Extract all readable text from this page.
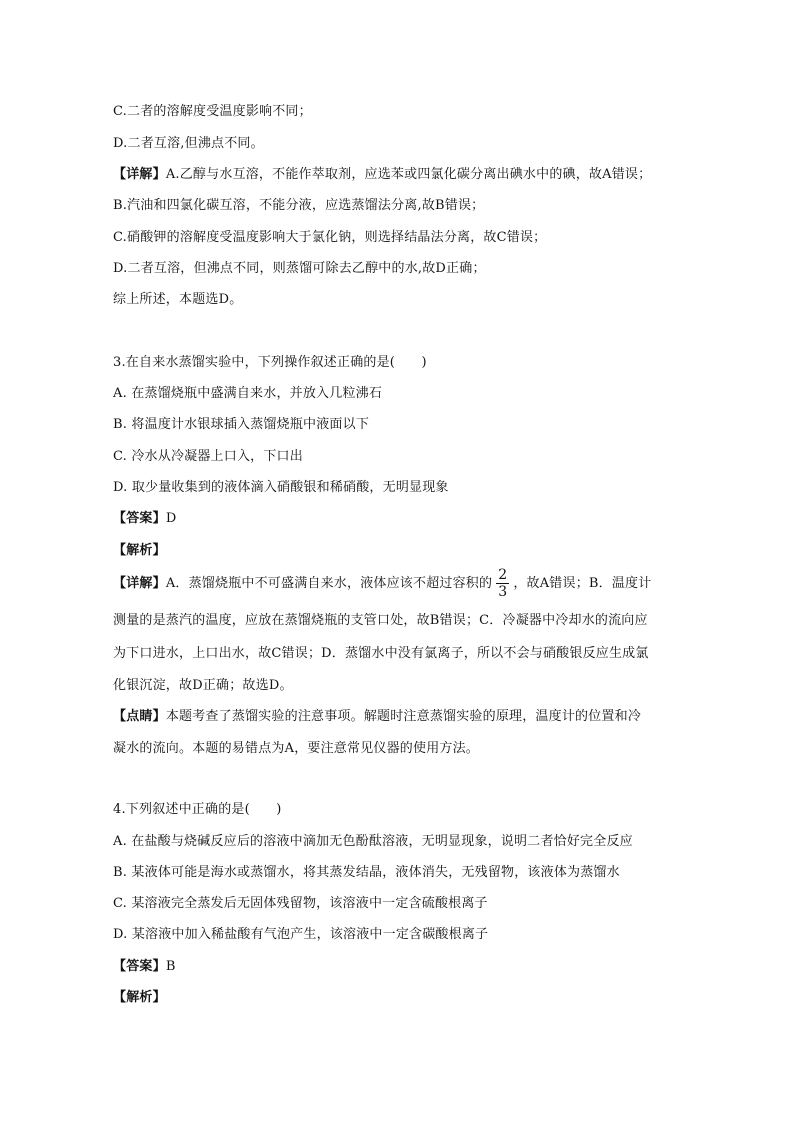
C.二者的溶解度受温度影响不同；
D.二者互溶,但沸点不同。
【详解】A.乙醇与水互溶，不能作萃取剂，应选苯或四氯化碳分离出碘水中的碘，故A错误；
B.汽油和四氯化碳互溶，不能分液，应选蒸馏法分离,故B错误；
C.硝酸钾的溶解度受温度影响大于氯化钠，则选择结晶法分离，故C错误；
D.二者互溶，但沸点不同，则蒸馏可除去乙醇中的水,故D正确；
综上所述，本题选D。
3.在自来水蒸馏实验中，下列操作叙述正确的是(　　)
A. 在蒸馏烧瓶中盛满自来水，并放入几粒沸石
B. 将温度计水银球插入蒸馏烧瓶中液面以下
C. 冷水从冷凝器上口入，下口出
D. 取少量收集到的液体滴入硝酸银和稀硝酸，无明显现象
【答案】D
【解析】
【详解】A．蒸馏烧瓶中不可盛满自来水，液体应该不超过容积的 $\frac{2}{3}$ ，故A错误；B．温度计
测量的是蒸汽的温度，应放在蒸馏烧瓶的支管口处，故B错误；C．冷凝器中冷却水的流向应
为下口进水，上口出水，故C错误；D．蒸馏水中没有氯离子，所以不会与硝酸银反应生成氯
化银沉淀，故D正确；故选D。
【点睛】本题考查了蒸馏实验的注意事项。解题时注意蒸馏实验的原理，温度计的位置和冷
凝水的流向。本题的易错点为A，要注意常见仪器的使用方法。
4.下列叙述中正确的是(　　)
A. 在盐酸与烧碱反应后的溶液中滴加无色酚酞溶液，无明显现象，说明二者恰好完全反应
B. 某液体可能是海水或蒸馏水，将其蒸发结晶，液体消失，无残留物，该液体为蒸馏水
C. 某溶液完全蒸发后无固体残留物，该溶液中一定含硫酸根离子
D. 某溶液中加入稀盐酸有气泡产生，该溶液中一定含碳酸根离子
【答案】B
【解析】
